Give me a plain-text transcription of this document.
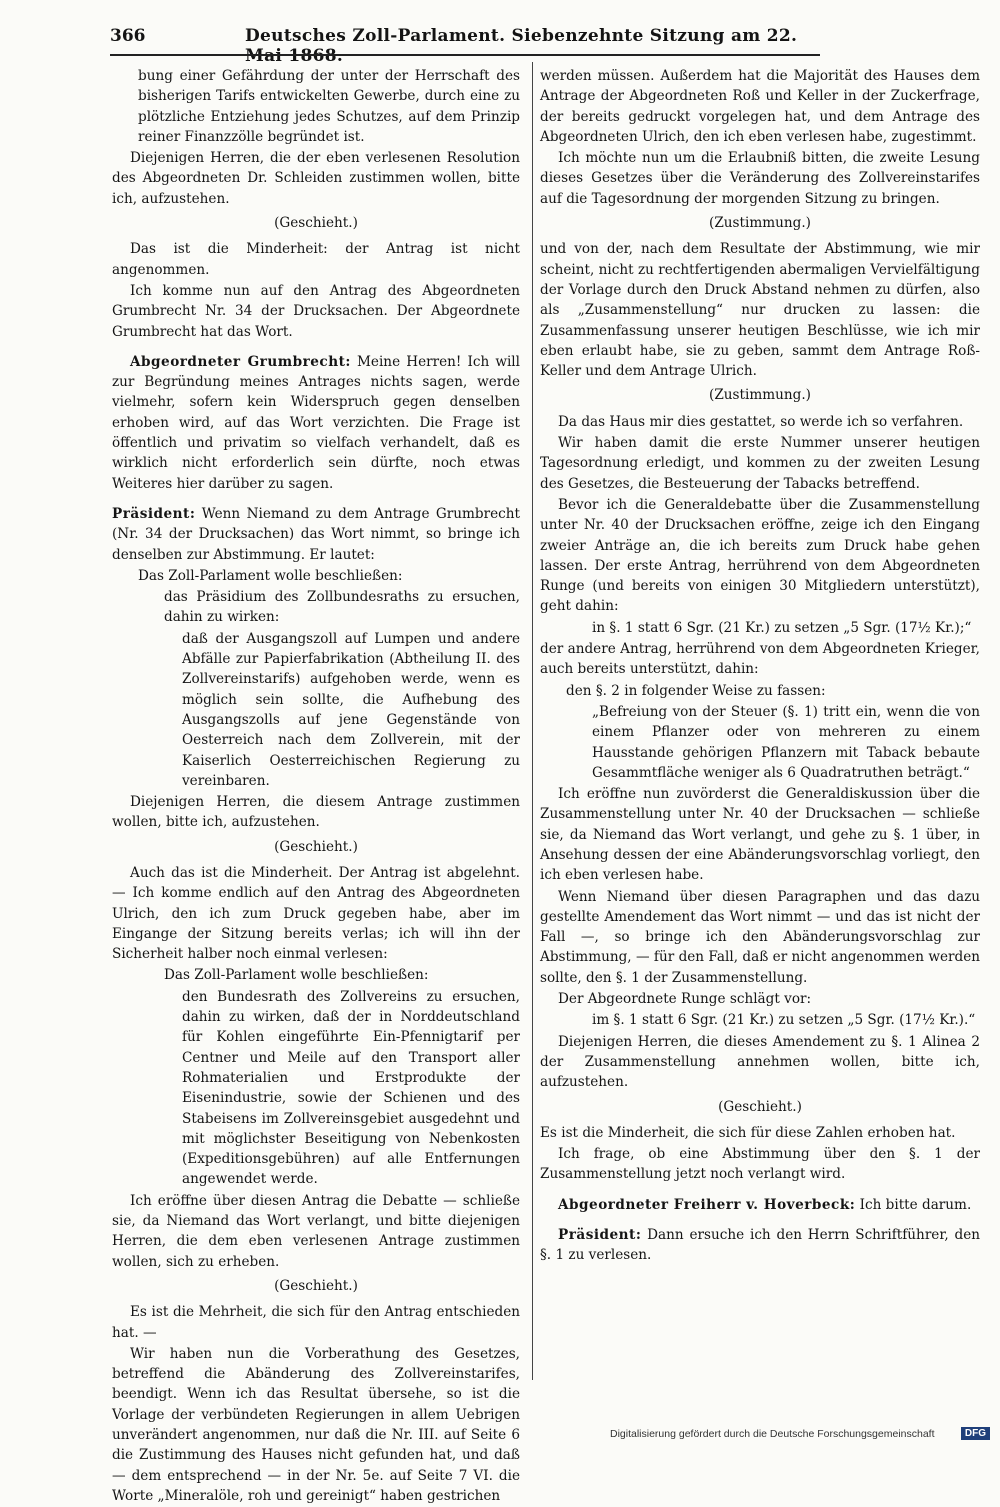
366	Deutsches Zoll-Parlament. Siebenzehnte Sitzung am 22. Mai 1868.

bung einer Gefährdung der unter der Herrschaft des bisherigen Tarifs entwickelten Gewerbe, durch eine zu plötzliche Entziehung jedes Schutzes, auf dem Prinzip reiner Finanzzölle begründet ist.

Diejenigen Herren, die der eben verlesenen Resolution des Abgeordneten Dr. Schleiden zustimmen wollen, bitte ich, aufzustehen.

(Geschieht.)

Das ist die Minderheit: der Antrag ist nicht angenommen.

Ich komme nun auf den Antrag des Abgeordneten Grumbrecht Nr. 34 der Drucksachen. Der Abgeordnete Grumbrecht hat das Wort.

Abgeordneter Grumbrecht: Meine Herren! Ich will zur Begründung meines Antrages nichts sagen, werde vielmehr, sofern kein Widerspruch gegen denselben erhoben wird, auf das Wort verzichten. Die Frage ist öffentlich und privatim so vielfach verhandelt, daß es wirklich nicht erforderlich sein dürfte, noch etwas Weiteres hier darüber zu sagen.

Präsident: Wenn Niemand zu dem Antrage Grumbrecht (Nr. 34 der Drucksachen) das Wort nimmt, so bringe ich denselben zur Abstimmung. Er lautet:

Das Zoll-Parlament wolle beschließen:

das Präsidium des Zollbundesraths zu ersuchen, dahin zu wirken:

daß der Ausgangszoll auf Lumpen und andere Abfälle zur Papierfabrikation (Abtheilung II. des Zollvereinstarifs) aufgehoben werde, wenn es möglich sein sollte, die Aufhebung des Ausgangszolls auf jene Gegenstände von Oesterreich nach dem Zollverein, mit der Kaiserlich Oesterreichischen Regierung zu vereinbaren.

Diejenigen Herren, die diesem Antrage zustimmen wollen, bitte ich, aufzustehen.

(Geschieht.)

Auch das ist die Minderheit. Der Antrag ist abgelehnt. — Ich komme endlich auf den Antrag des Abgeordneten Ulrich, den ich zum Druck gegeben habe, aber im Eingange der Sitzung bereits verlas; ich will ihn der Sicherheit halber noch einmal verlesen:

Das Zoll-Parlament wolle beschließen:

den Bundesrath des Zollvereins zu ersuchen, dahin zu wirken, daß der in Norddeutschland für Kohlen eingeführte Ein-Pfennigtarif per Centner und Meile auf den Transport aller Rohmaterialien und Erstprodukte der Eisenindustrie, sowie der Schienen und des Stabeisens im Zollvereinsgebiet ausgedehnt und mit möglichster Beseitigung von Nebenkosten (Expeditionsgebühren) auf alle Entfernungen angewendet werde.

Ich eröffne über diesen Antrag die Debatte — schließe sie, da Niemand das Wort verlangt, und bitte diejenigen Herren, die dem eben verlesenen Antrage zustimmen wollen, sich zu erheben.

(Geschieht.)

Es ist die Mehrheit, die sich für den Antrag entschieden hat. —

Wir haben nun die Vorberathung des Gesetzes, betreffend die Abänderung des Zollvereinstarifes, beendigt. Wenn ich das Resultat übersehe, so ist die Vorlage der verbündeten Regierungen in allem Uebrigen unverändert angenommen, nur daß die Nr. III. auf Seite 6 die Zustimmung des Hauses nicht gefunden hat, und daß — dem entsprechend — in der Nr. 5e. auf Seite 7 VI. die Worte „Mineralöle, roh und gereinigt“ haben gestrichen

werden müssen. Außerdem hat die Majorität des Hauses dem Antrage der Abgeordneten Roß und Keller in der Zuckerfrage, der bereits gedruckt vorgelegen hat, und dem Antrage des Abgeordneten Ulrich, den ich eben verlesen habe, zugestimmt.

Ich möchte nun um die Erlaubniß bitten, die zweite Lesung dieses Gesetzes über die Veränderung des Zollvereinstarifes auf die Tagesordnung der morgenden Sitzung zu bringen.

(Zustimmung.)

und von der, nach dem Resultate der Abstimmung, wie mir scheint, nicht zu rechtfertigenden abermaligen Vervielfältigung der Vorlage durch den Druck Abstand nehmen zu dürfen, also als „Zusammenstellung“ nur drucken zu lassen: die Zusammenfassung unserer heutigen Beschlüsse, wie ich mir eben erlaubt habe, sie zu geben, sammt dem Antrage Roß-Keller und dem Antrage Ulrich.

(Zustimmung.)

Da das Haus mir dies gestattet, so werde ich so verfahren.

Wir haben damit die erste Nummer unserer heutigen Tagesordnung erledigt, und kommen zu der zweiten Lesung des Gesetzes, die Besteuerung der Tabacks betreffend.

Bevor ich die Generaldebatte über die Zusammenstellung unter Nr. 40 der Drucksachen eröffne, zeige ich den Eingang zweier Anträge an, die ich bereits zum Druck habe gehen lassen. Der erste Antrag, herrührend von dem Abgeordneten Runge (und bereits von einigen 30 Mitgliedern unterstützt), geht dahin:

in §. 1 statt 6 Sgr. (21 Kr.) zu setzen „5 Sgr. (17½ Kr.);“

der andere Antrag, herrührend von dem Abgeordneten Krieger, auch bereits unterstützt, dahin:

den §. 2 in folgender Weise zu fassen:

„Befreiung von der Steuer (§. 1) tritt ein, wenn die von einem Pflanzer oder von mehreren zu einem Hausstande gehörigen Pflanzern mit Taback bebaute Gesammtfläche weniger als 6 Quadratruthen beträgt.“

Ich eröffne nun zuvörderst die Generaldiskussion über die Zusammenstellung unter Nr. 40 der Drucksachen — schließe sie, da Niemand das Wort verlangt, und gehe zu §. 1 über, in Ansehung dessen der eine Abänderungsvorschlag vorliegt, den ich eben verlesen habe.

Wenn Niemand über diesen Paragraphen und das dazu gestellte Amendement das Wort nimmt — und das ist nicht der Fall —, so bringe ich den Abänderungsvorschlag zur Abstimmung, — für den Fall, daß er nicht angenommen werden sollte, den §. 1 der Zusammenstellung.

Der Abgeordnete Runge schlägt vor:

im §. 1 statt 6 Sgr. (21 Kr.) zu setzen „5 Sgr. (17½ Kr.).“

Diejenigen Herren, die dieses Amendement zu §. 1 Alinea 2 der Zusammenstellung annehmen wollen, bitte ich, aufzustehen.

(Geschieht.)

Es ist die Minderheit, die sich für diese Zahlen erhoben hat.

Ich frage, ob eine Abstimmung über den §. 1 der Zusammenstellung jetzt noch verlangt wird.

Abgeordneter Freiherr v. Hoverbeck: Ich bitte darum.

Präsident: Dann ersuche ich den Herrn Schriftführer, den §. 1 zu verlesen.

Digitalisierung gefördert durch die Deutsche Forschungsgemeinschaft	DFG
